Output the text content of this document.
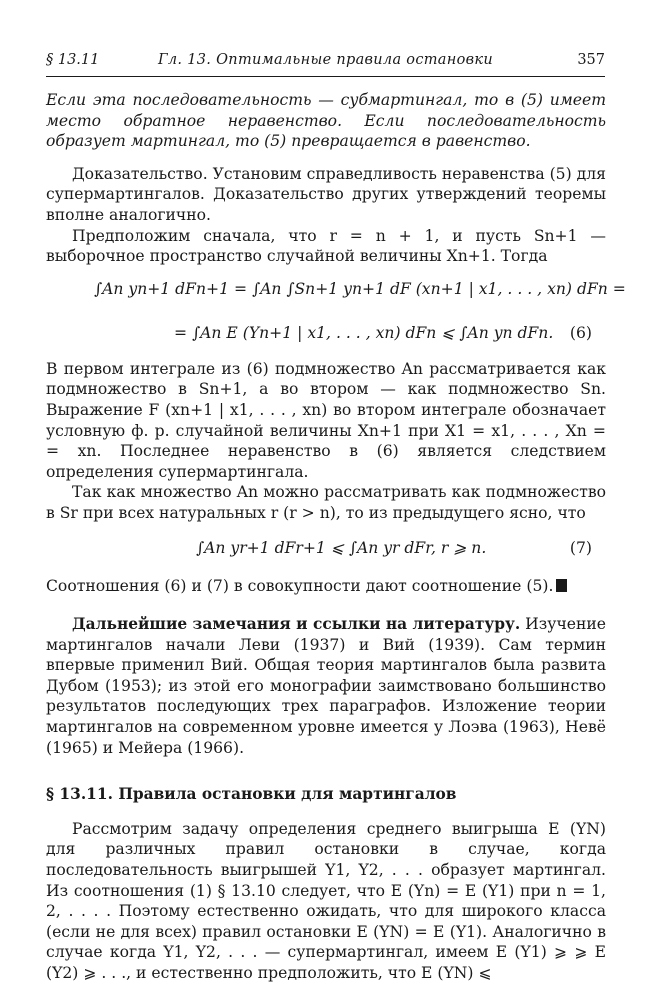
§ 13.11	Гл. 13. Оптимальные правила остановки	357

Если эта последовательность — субмартингал, то в (5) имеет место обратное неравенство. Если последовательность образует мартингал, то (5) превращается в равенство.

Доказательство. Установим справедливость неравенства (5) для супермартингалов. Доказательство других утверждений теоремы вполне аналогично.

Предположим сначала, что r = n + 1, и пусть Sn+1 — выборочное пространство случайной величины Xn+1. Тогда

∫An yn+1 dFn+1 = ∫An ∫Sn+1 yn+1 dF (xn+1 | x1, . . . , xn) dFn =
= ∫An E (Yn+1 | x1, . . . , xn) dFn ⩽ ∫An yn dFn. (6)

В первом интеграле из (6) подмножество An рассматривается как подмножество в Sn+1, а во втором — как подмножество Sn. Выражение F (xn+1 | x1, . . . , xn) во втором интеграле обозначает условную ф. р. случайной величины Xn+1 при X1 = x1, . . . , Xn = = xn. Последнее неравенство в (6) является следствием определения супермартингала.

Так как множество An можно рассматривать как подмножество в Sr при всех натуральных r (r > n), то из предыдущего ясно, что

∫An yr+1 dFr+1 ⩽ ∫An yr dFr, r ⩾ n.	(7)

Соотношения (6) и (7) в совокупности дают соотношение (5).

Дальнейшие замечания и ссылки на литературу. Изучение мартингалов начали Леви (1937) и Вий (1939). Сам термин впервые применил Вий. Общая теория мартингалов была развита Дубом (1953); из этой его монографии заимствовано большинство результатов последующих трех параграфов. Изложение теории мартингалов на современном уровне имеется у Лоэва (1963), Невё (1965) и Мейера (1966).

§ 13.11. Правила остановки для мартингалов

Рассмотрим задачу определения среднего выигрыша E (YN) для различных правил остановки в случае, когда последовательность выигрышей Y1, Y2, . . . образует мартингал. Из соотношения (1) § 13.10 следует, что E (Yn) = E (Y1) при n = 1, 2, . . . . Поэтому естественно ожидать, что для широкого класса (если не для всех) правил остановки E (YN) = E (Y1). Аналогично в случае когда Y1, Y2, . . . — супермартингал, имеем E (Y1) ⩾ ⩾ E (Y2) ⩾ . . ., и естественно предположить, что E (YN) ⩽
